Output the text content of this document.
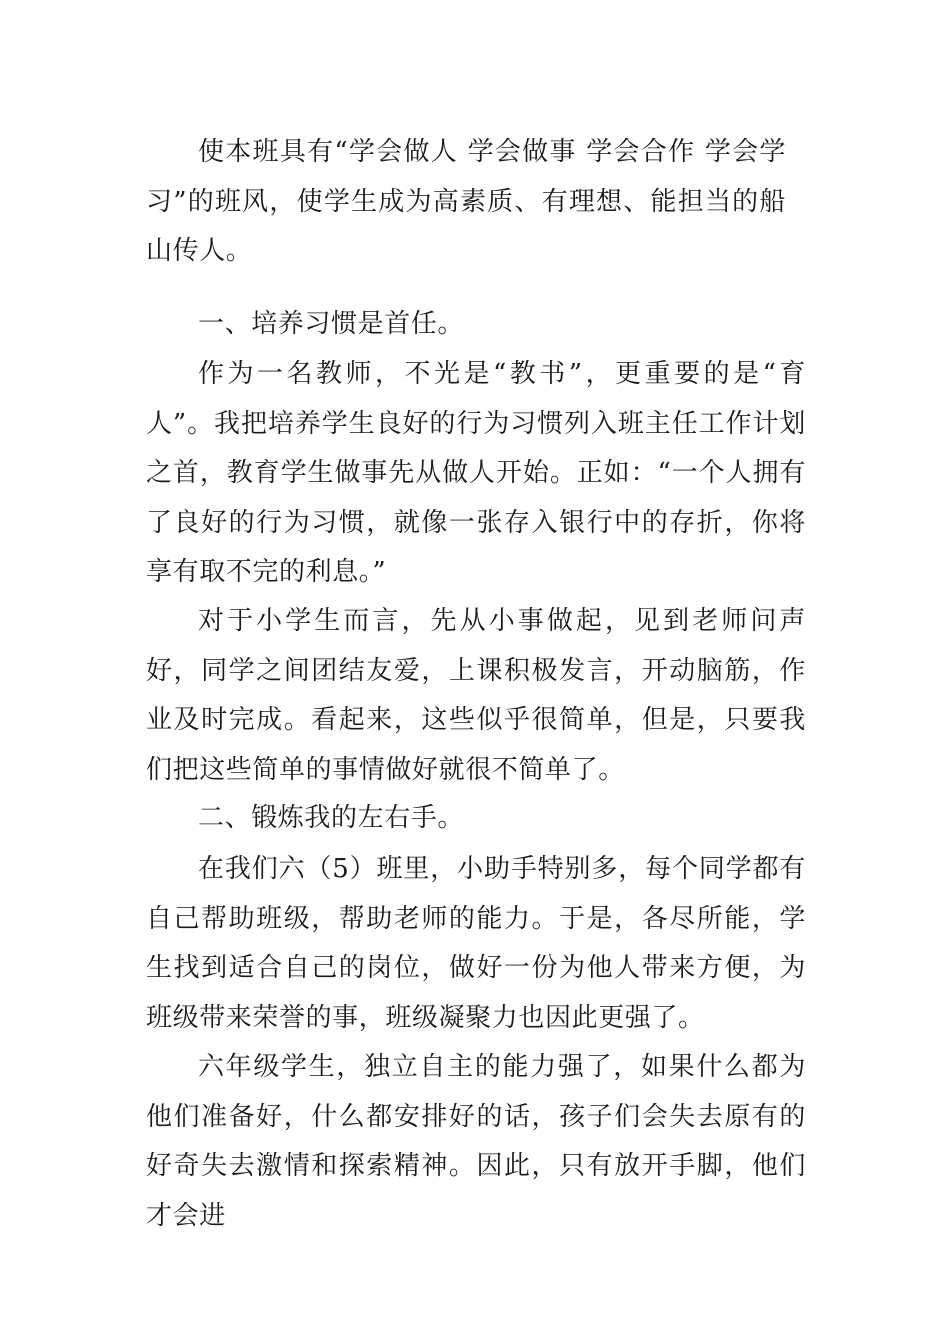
使本班具有“学会做人 学会做事 学会合作 学会学习”的班风，使学生成为高素质、有理想、能担当的船山传人。

一、培养习惯是首任。

作为一名教师，不光是“教书”，更重要的是“育人”。我把培养学生良好的行为习惯列入班主任工作计划之首，教育学生做事先从做人开始。正如：“一个人拥有了良好的行为习惯，就像一张存入银行中的存折，你将享有取不完的利息。”

对于小学生而言，先从小事做起，见到老师问声好，同学之间团结友爱，上课积极发言，开动脑筋，作业及时完成。看起来，这些似乎很简单，但是，只要我们把这些简单的事情做好就很不简单了。

二、锻炼我的左右手。

在我们六（5）班里，小助手特别多，每个同学都有自己帮助班级，帮助老师的能力。于是，各尽所能，学生找到适合自己的岗位，做好一份为他人带来方便，为班级带来荣誉的事，班级凝聚力也因此更强了。

六年级学生，独立自主的能力强了，如果什么都为他们准备好，什么都安排好的话，孩子们会失去原有的好奇失去激情和探索精神。因此，只有放开手脚，他们才会进
